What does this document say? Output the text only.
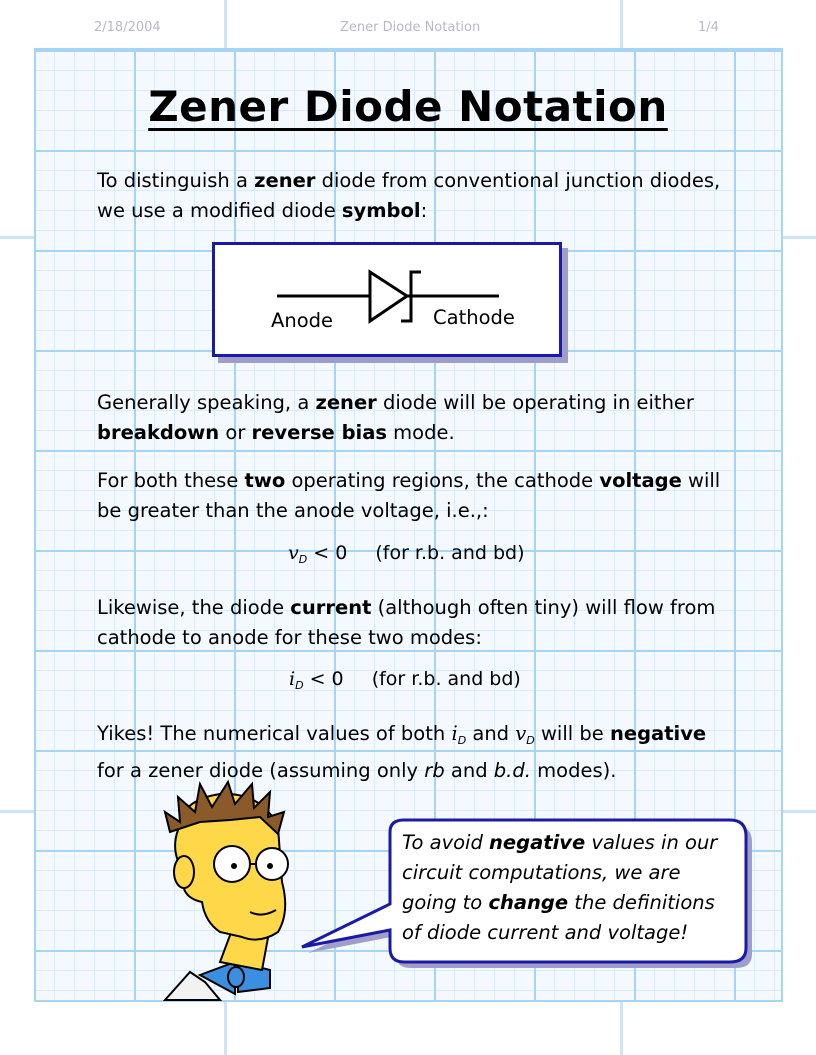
2/18/2004	Zener Diode Notation	1/4
Zener Diode Notation
To distinguish a zener diode from conventional junction diodes, we use a modified diode symbol:
Anode	Cathode
Generally speaking, a zener diode will be operating in either breakdown or reverse bias mode.
For both these two operating regions, the cathode voltage will be greater than the anode voltage, i.e.,:
$v_D < 0$ (for r.b. and bd)
Likewise, the diode current (although often tiny) will flow from cathode to anode for these two modes:
$i_D < 0$ (for r.b. and bd)
Yikes! The numerical values of both $i_D$ and $v_D$ will be negative for a zener diode (assuming only rb and b.d. modes).
To avoid negative values in our circuit computations, we are going to change the definitions of diode current and voltage!
